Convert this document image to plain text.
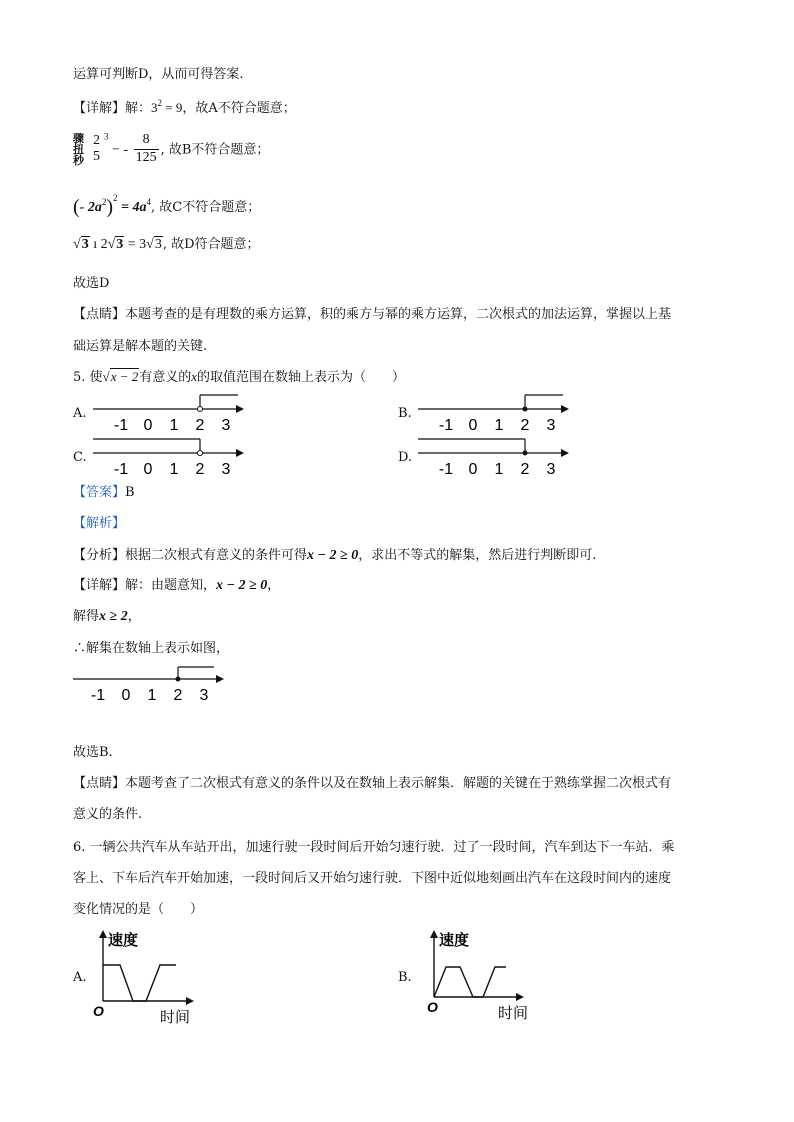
运算可判断D，从而可得答案.
【详解】解：$3^2 = 9$，故A不符合题意；
骤
扭
秒
2
5
$^3$ − - $\frac{8}{125}$ , 故B不符合题意；
(- $2a^2)^2 = 4a^4$, 故C不符合题意；
√3 ı 2√3 = 3√3, 故D符合题意；
故选D
【点睛】本题考查的是有理数的乘方运算，积的乘方与幂的乘方运算，二次根式的加法运算，掌握以上基
础运算是解本题的关键.
5. 使√x − 2有意义的x的取值范围在数轴上表示为（　　）
A.
-1 0 1 2 3
B.
-1 0 1 2 3
C.
-1 0 1 2 3
D.
-1 0 1 2 3
【答案】B
【解析】
【分析】根据二次根式有意义的条件可得x − 2 ≥ 0，求出不等式的解集，然后进行判断即可.
【详解】解：由题意知，x − 2 ≥ 0，
解得x ≥ 2，
∴解集在数轴上表示如图，
-1 0 1 2 3
故选B.
【点睛】本题考查了二次根式有意义的条件以及在数轴上表示解集．解题的关键在于熟练掌握二次根式有
意义的条件.
6. 一辆公共汽车从车站开出，加速行驶一段时间后开始匀速行驶．过了一段时间，汽车到达下一车站．乘
客上、下车后汽车开始加速，一段时间后又开始匀速行驶．下图中近似地刻画出汽车在这段时间内的速度
变化情况的是（　　）
A.
速度
时间
O
B.
速度
时间
O
